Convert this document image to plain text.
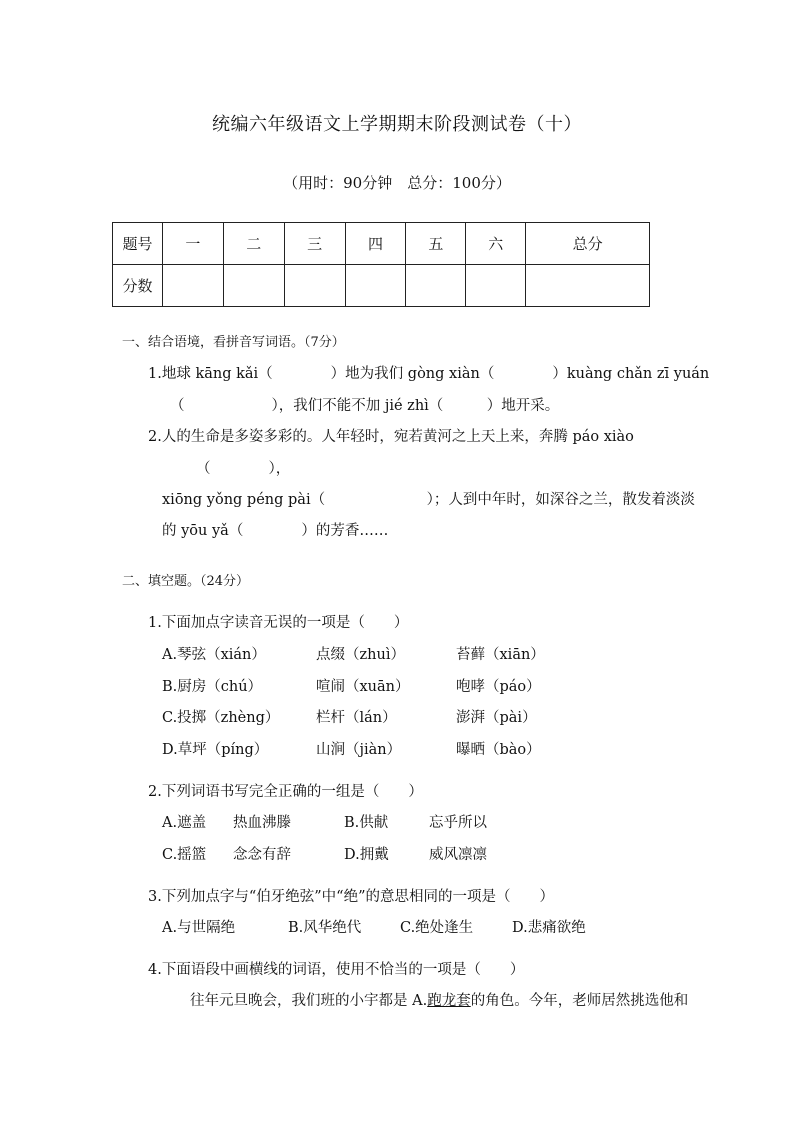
统编六年级语文上学期期末阶段测试卷（十）
（用时：90分钟　总分：100分）
题号	一	二	三	四	五	六	总分
分数							
一、结合语境，看拼音写词语。（7分）
1.地球 kāng kǎi（　　　　）地为我们 gòng xiàn（　　　　）kuàng chǎn zī yuán
（　　　　　　），我们不能不加 jié zhì（　　　）地开采。
2.人的生命是多姿多彩的。人年轻时，宛若黄河之上天上来，奔腾 páo xiào
（　　　　），
xiōng yǒng péng pài（　　　　　　　）；人到中年时，如深谷之兰，散发着淡淡
的 yōu yǎ（　　　　）的芳香……
二、填空题。（24分）
1.下面加点字读音无误的一项是（　　）
A.琴弦（xián）	点缀（zhuì）	苔藓（xiān）
B.厨房（chú）	喧闹（xuān）	咆哮（páo）
C.投掷（zhèng）	栏杆（lán）	澎湃（pài）
D.草坪（píng）	山涧（jiàn）	曝晒（bào）
2.下列词语书写完全正确的一组是（　　）
A.遮盖 热血沸滕	B.供献	忘乎所以
C.摇篮 念念有辞	D.拥戴	威风凛凛
3.下列加点字与“伯牙绝弦”中“绝”的意思相同的一项是（　　）
A.与世隔绝	B.风华绝代	C.绝处逢生	D.悲痛欲绝
4.下面语段中画横线的词语，使用不恰当的一项是（　　）
往年元旦晚会，我们班的小宇都是 A.跑龙套的角色。今年，老师居然挑选他和
